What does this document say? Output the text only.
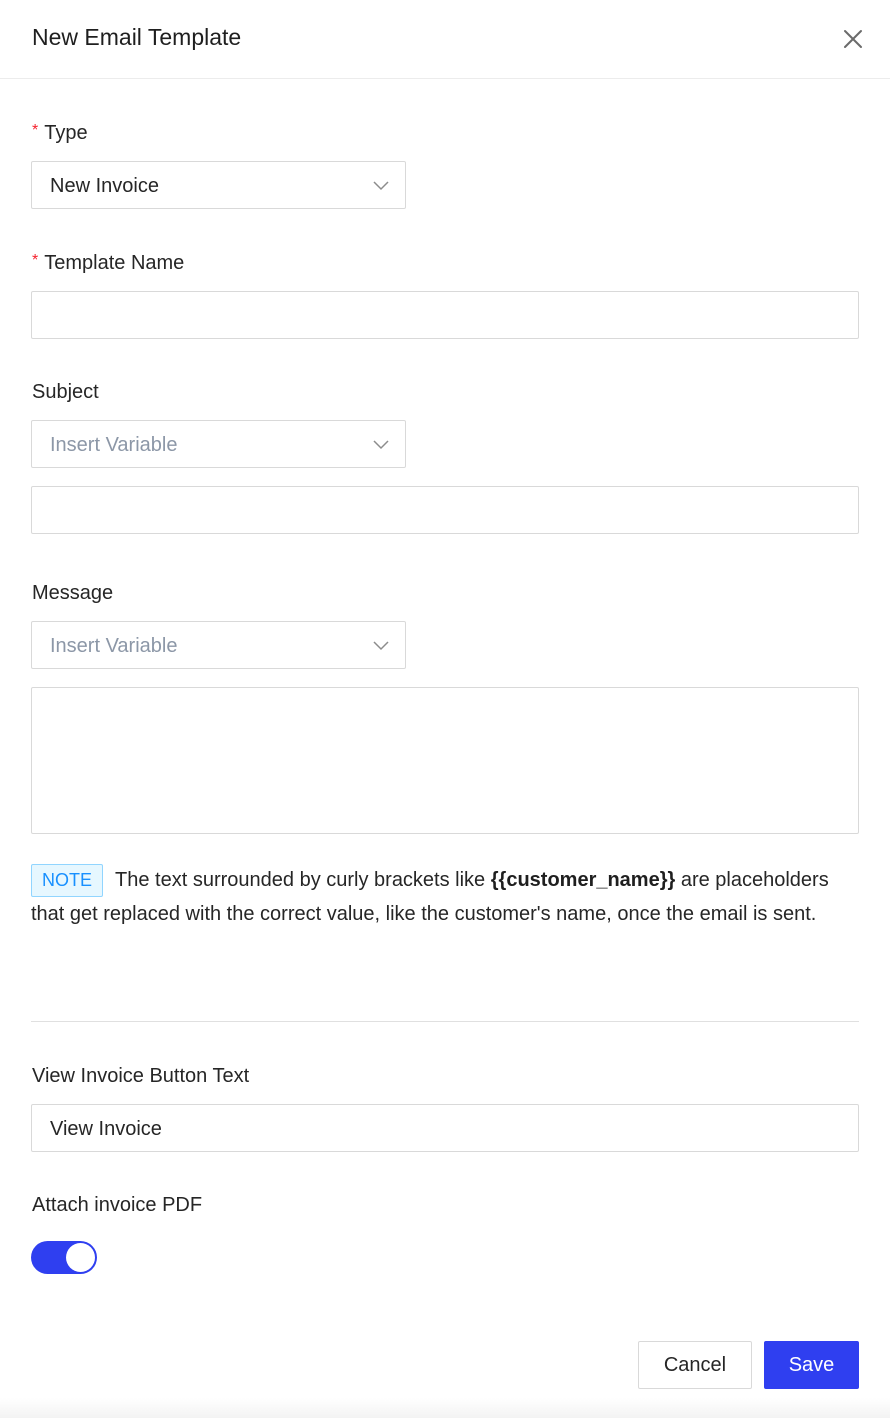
New Email Template
* Type
New Invoice
* Template Name
Subject
Insert Variable
Message
Insert Variable
NOTE The text surrounded by curly brackets like {{customer_name}} are placeholders that get replaced with the correct value, like the customer's name, once the email is sent.
View Invoice Button Text
View Invoice
Attach invoice PDF
Cancel	Save
